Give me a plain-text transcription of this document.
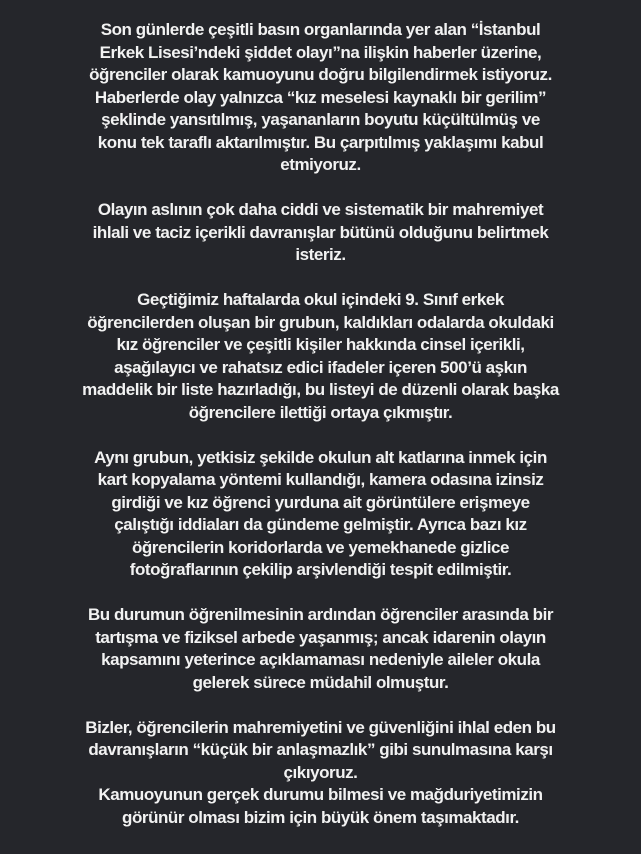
Son günlerde çeşitli basın organlarında yer alan “İstanbul
Erkek Lisesi’ndeki şiddet olayı”na ilişkin haberler üzerine,
öğrenciler olarak kamuoyunu doğru bilgilendirmek istiyoruz.
Haberlerde olay yalnızca “kız meselesi kaynaklı bir gerilim”
şeklinde yansıtılmış, yaşananların boyutu küçültülmüş ve
konu tek taraflı aktarılmıştır. Bu çarpıtılmış yaklaşımı kabul
etmiyoruz.
Olayın aslının çok daha ciddi ve sistematik bir mahremiyet
ihlali ve taciz içerikli davranışlar bütünü olduğunu belirtmek
isteriz.
Geçtiğimiz haftalarda okul içindeki 9. Sınıf erkek
öğrencilerden oluşan bir grubun, kaldıkları odalarda okuldaki
kız öğrenciler ve çeşitli kişiler hakkında cinsel içerikli,
aşağılayıcı ve rahatsız edici ifadeler içeren 500’ü aşkın
maddelik bir liste hazırladığı, bu listeyi de düzenli olarak başka
öğrencilere ilettiği ortaya çıkmıştır.
Aynı grubun, yetkisiz şekilde okulun alt katlarına inmek için
kart kopyalama yöntemi kullandığı, kamera odasına izinsiz
girdiği ve kız öğrenci yurduna ait görüntülere erişmeye
çalıştığı iddiaları da gündeme gelmiştir. Ayrıca bazı kız
öğrencilerin koridorlarda ve yemekhanede gizlice
fotoğraflarının çekilip arşivlendiği tespit edilmiştir.
Bu durumun öğrenilmesinin ardından öğrenciler arasında bir
tartışma ve fiziksel arbede yaşanmış; ancak idarenin olayın
kapsamını yeterince açıklamaması nedeniyle aileler okula
gelerek sürece müdahil olmuştur.
Bizler, öğrencilerin mahremiyetini ve güvenliğini ihlal eden bu
davranışların “küçük bir anlaşmazlık” gibi sunulmasına karşı
çıkıyoruz.
Kamuoyunun gerçek durumu bilmesi ve mağduriyetimizin
görünür olması bizim için büyük önem taşımaktadır.
